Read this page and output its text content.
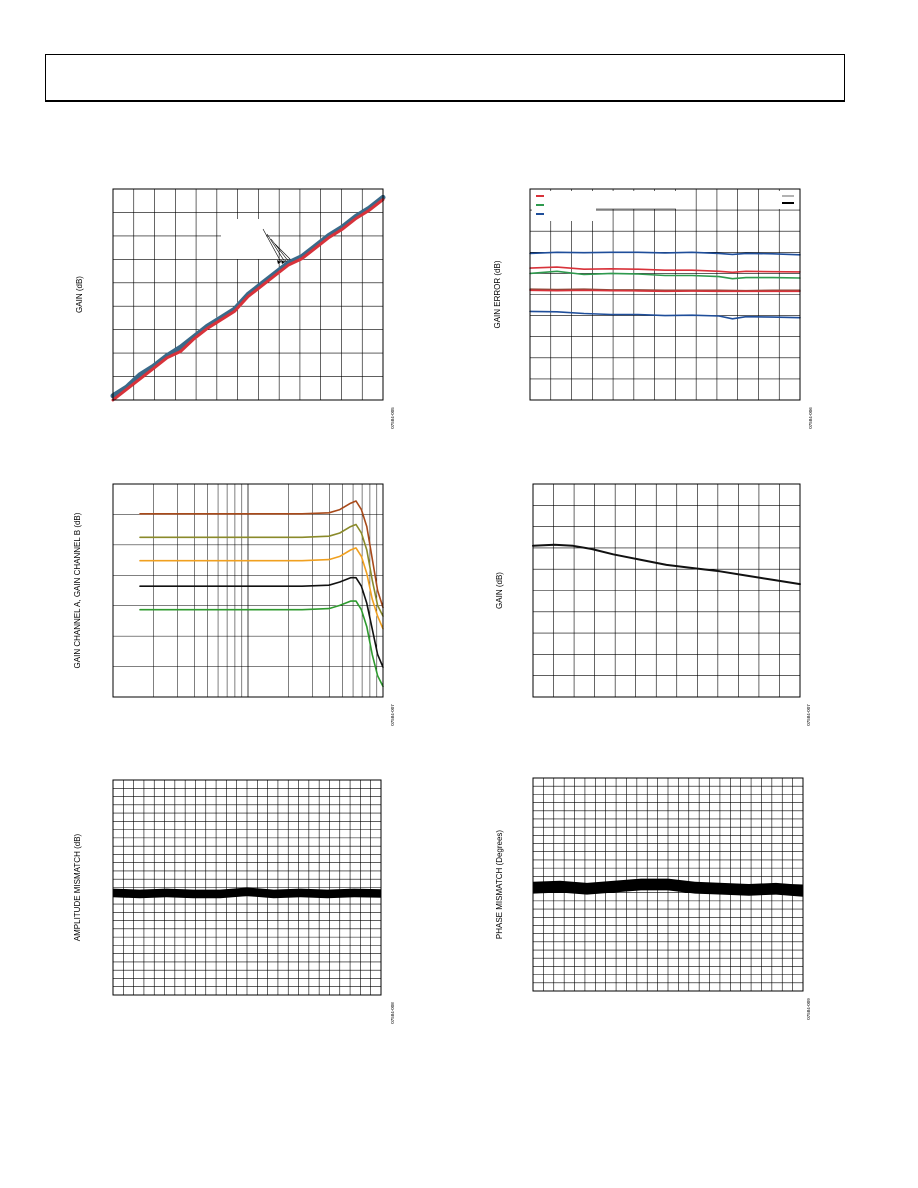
GAIN (dB)
07584-005
GAIN ERROR (dB)
07584-006
GAIN CHANNEL A, GAIN CHANNEL B (dB)
07584-007
GAIN (dB)
07584-007
AMPLITUDE MISMATCH (dB)
07584-008
PHASE MISMATCH (Degrees)
07584-009
